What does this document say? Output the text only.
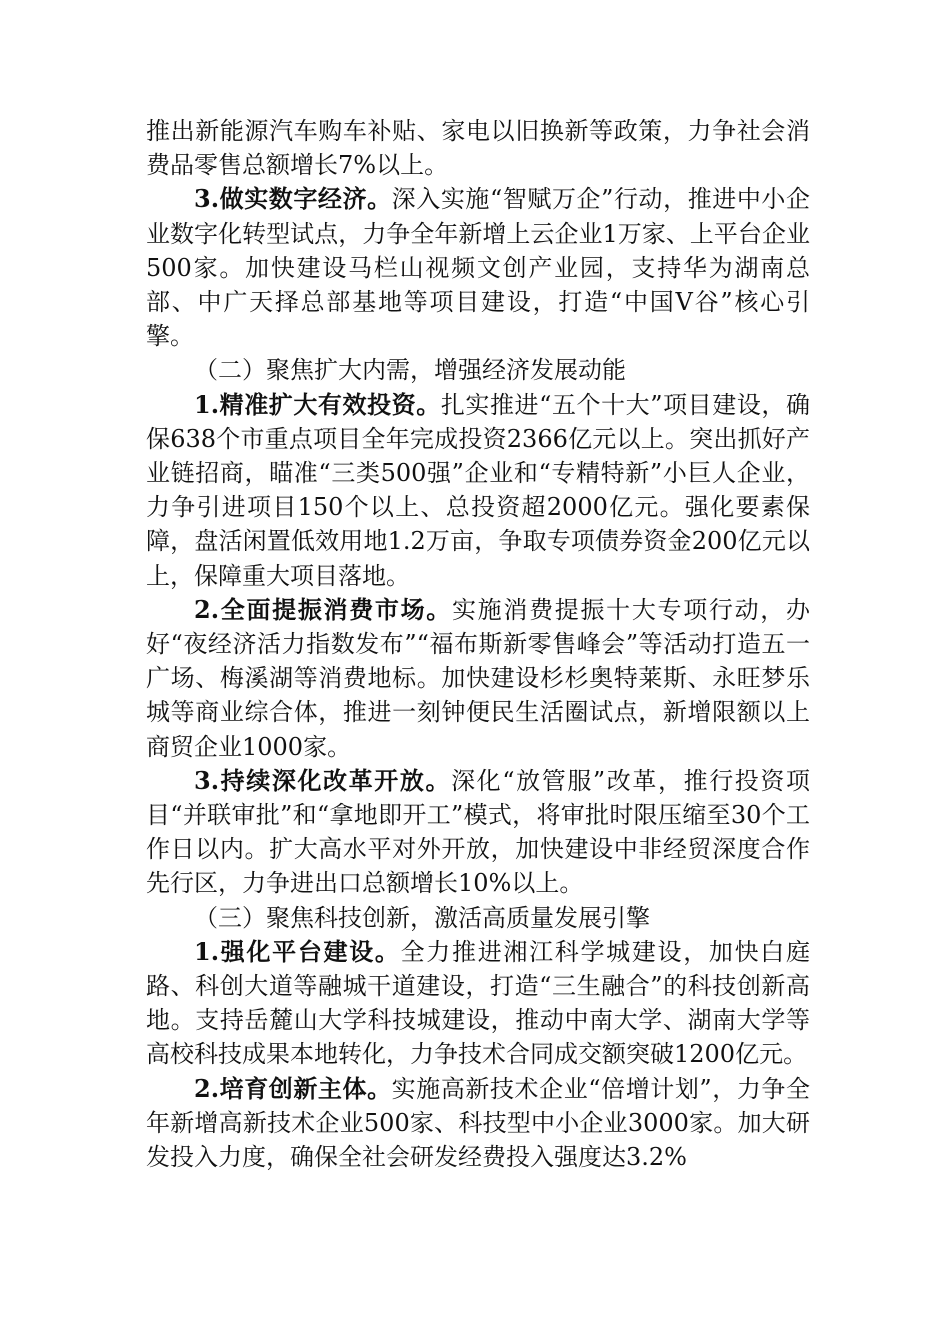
推出新能源汽车购车补贴、家电以旧换新等政策，力争社会消费品零售总额增长7%以上。

3.做实数字经济。深入实施“智赋万企”行动，推进中小企业数字化转型试点，力争全年新增上云企业1万家、上平台企业500家。加快建设马栏山视频文创产业园，支持华为湖南总部、中广天择总部基地等项目建设，打造“中国V谷”核心引擎。

（二）聚焦扩大内需，增强经济发展动能

1.精准扩大有效投资。扎实推进“五个十大”项目建设，确保638个市重点项目全年完成投资2366亿元以上。突出抓好产业链招商，瞄准“三类500强”企业和“专精特新”小巨人企业，力争引进项目150个以上、总投资超2000亿元。强化要素保障，盘活闲置低效用地1.2万亩，争取专项债券资金200亿元以上，保障重大项目落地。

2.全面提振消费市场。实施消费提振十大专项行动，办好“夜经济活力指数发布”“福布斯新零售峰会”等活动打造五一广场、梅溪湖等消费地标。加快建设杉杉奥特莱斯、永旺梦乐城等商业综合体，推进一刻钟便民生活圈试点，新增限额以上商贸企业1000家。

3.持续深化改革开放。深化“放管服”改革，推行投资项目“并联审批”和“拿地即开工”模式，将审批时限压缩至30个工作日以内。扩大高水平对外开放，加快建设中非经贸深度合作先行区，力争进出口总额增长10%以上。

（三）聚焦科技创新，激活高质量发展引擎

1.强化平台建设。全力推进湘江科学城建设，加快白庭路、科创大道等融城干道建设，打造“三生融合”的科技创新高地。支持岳麓山大学科技城建设，推动中南大学、湖南大学等高校科技成果本地转化，力争技术合同成交额突破1200亿元。

2.培育创新主体。实施高新技术企业“倍增计划”，力争全年新增高新技术企业500家、科技型中小企业3000家。加大研发投入力度，确保全社会研发经费投入强度达3.2%
